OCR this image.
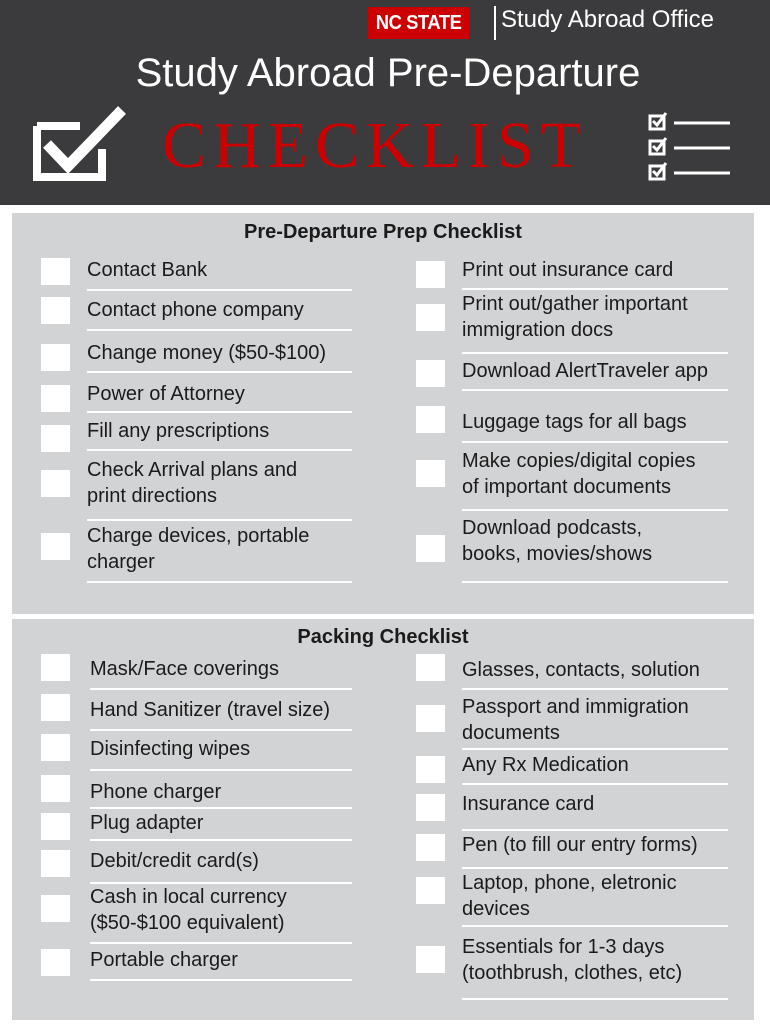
NC STATE	Study Abroad Office
Study Abroad Pre-Departure
CHECKLIST
Pre-Departure Prep Checklist
Contact Bank
Contact phone company
Change money ($50-$100)
Power of Attorney
Fill any prescriptions
Check Arrival plans and
print directions
Charge devices, portable
charger
Print out insurance card
Print out/gather important
immigration docs
Download AlertTraveler app
Luggage tags for all bags
Make copies/digital copies
of important documents
Download podcasts,
books, movies/shows
Packing Checklist
Mask/Face coverings
Hand Sanitizer (travel size)
Disinfecting wipes
Phone charger
Plug adapter
Debit/credit card(s)
Cash in local currency
($50-$100 equivalent)
Portable charger
Glasses, contacts, solution
Passport and immigration
documents
Any Rx Medication
Insurance card
Pen (to fill our entry forms)
Laptop, phone, eletronic
devices
Essentials for 1-3 days
(toothbrush, clothes, etc)
